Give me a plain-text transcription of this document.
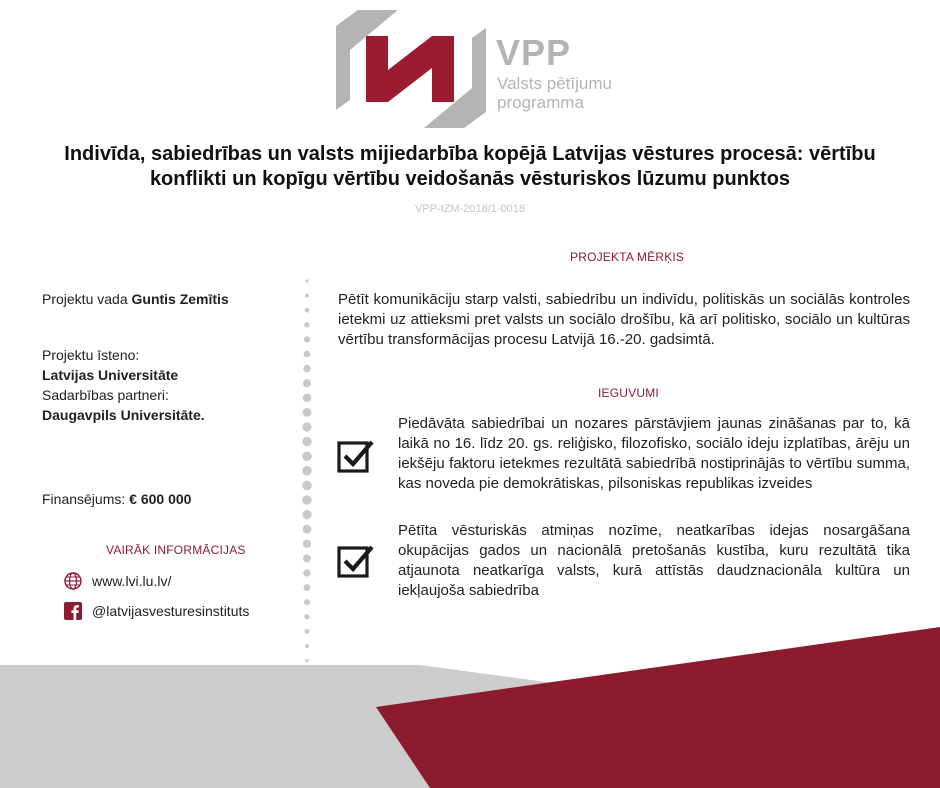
VPP
Valsts pētījumu
programma
Indivīda, sabiedrības un valsts mijiedarbība kopējā Latvijas vēstures procesā: vērtību
konflikti un kopīgu vērtību veidošanās vēsturiskos lūzumu punktos
VPP-IZM-2018/1-0018
Projektu vada Guntis Zemītis
Projektu īsteno:
Latvijas Universitāte
Sadarbības partneri:
Daugavpils Universitāte.
Finansējums: € 600 000
VAIRĀK INFORMĀCIJAS
www.lvi.lu.lv/
@latvijasvesturesinstituts
PROJEKTA MĒRĶIS
Pētīt komunikāciju starp valsti, sabiedrību un indivīdu, politiskās un sociālās kontroles ietekmi uz attieksmi pret valsts un sociālo drošību, kā arī politisko, sociālo un kultūras vērtību transformācijas procesu Latvijā 16.-20. gadsimtā.
IEGUVUMI
Piedāvāta sabiedrībai un nozares pārstāvjiem jaunas zināšanas par to, kā laikā no 16. līdz 20. gs. reliģisko, filozofisko, sociālo ideju izplatības, ārēju un iekšēju faktoru ietekmes rezultātā sabiedrībā nostiprinājās to vērtību summa, kas noveda pie demokrātiskas, pilsoniskas republikas izveides
Pētīta vēsturiskās atmiņas nozīme, neatkarības idejas nosargāšana okupācijas gados un nacionālā pretošanās kustība, kuru rezultātā tika atjaunota neatkarīga valsts, kurā attīstās daudznacionāla kultūra un iekļaujoša sabiedrība
